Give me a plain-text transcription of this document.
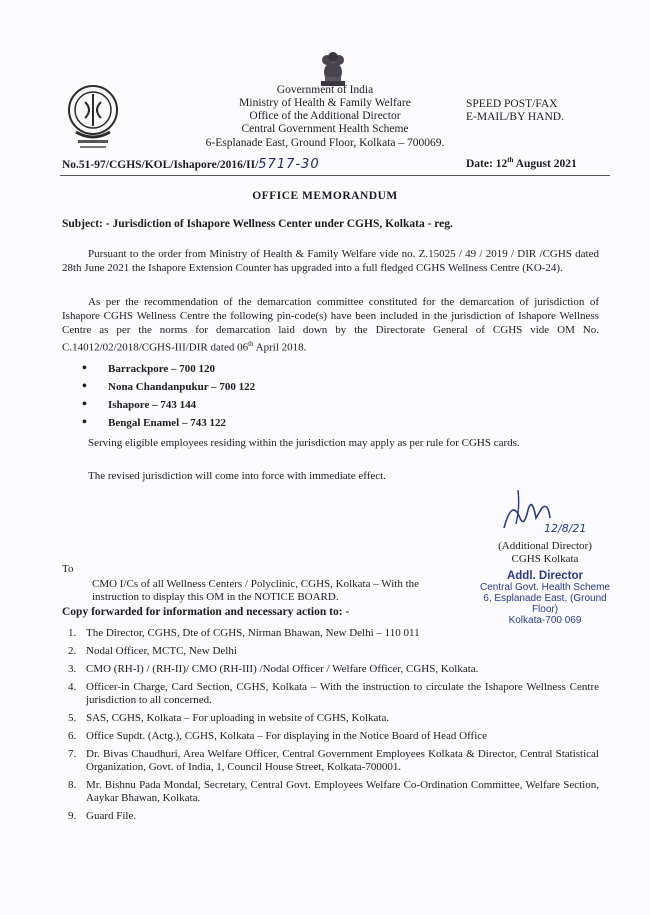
Government of India
Ministry of Health & Family Welfare
Office of the Additional Director
Central Government Health Scheme
6-Esplanade East, Ground Floor, Kolkata – 700069.
SPEED POST/FAX
E-MAIL/BY HAND.
No.51-97/CGHS/KOL/Ishapore/2016/II/5717-30	Date: 12th August 2021
OFFICE MEMORANDUM
Subject: - Jurisdiction of Ishapore Wellness Center under CGHS, Kolkata - reg.
Pursuant to the order from Ministry of Health & Family Welfare vide no. Z.15025 / 49 / 2019 / DIR /CGHS dated 28th June 2021 the Ishapore Extension Counter has upgraded into a full fledged CGHS Wellness Centre (KO-24).
As per the recommendation of the demarcation committee constituted for the demarcation of jurisdiction of Ishapore CGHS Wellness Centre the following pin-code(s) have been included in the jurisdiction of Ishapore Wellness Centre as per the norms for demarcation laid down by the Directorate General of CGHS vide OM No. C.14012/02/2018/CGHS-III/DIR dated 06th April 2018.
• Barrackpore – 700 120
• Nona Chandanpukur – 700 122
• Ishapore – 743 144
• Bengal Enamel – 743 122
Serving eligible employees residing within the jurisdiction may apply as per rule for CGHS cards.
The revised jurisdiction will come into force with immediate effect.
12/8/21
(Additional Director)
CGHS Kolkata
Addl. Director
Central Govt. Health Scheme
6, Esplanade East, (Ground Floor)
Kolkata-700 069
To
CMO I/Cs of all Wellness Centers / Polyclinic, CGHS, Kolkata – With the instruction to display this OM in the NOTICE BOARD.
Copy forwarded for information and necessary action to: -
1. The Director, CGHS, Dte of CGHS, Nirman Bhawan, New Delhi – 110 011
2. Nodal Officer, MCTC, New Delhi
3. CMO (RH-I) / (RH-II)/ CMO (RH-III) /Nodal Officer / Welfare Officer, CGHS, Kolkata.
4. Officer-in Charge, Card Section, CGHS, Kolkata – With the instruction to circulate the Ishapore Wellness Centre jurisdiction to all concerned.
5. SAS, CGHS, Kolkata – For uploading in website of CGHS, Kolkata.
6. Office Supdt. (Actg.), CGHS, Kolkata – For displaying in the Notice Board of Head Office
7. Dr. Bivas Chaudhuri, Area Welfare Officer, Central Government Employees Kolkata & Director, Central Statistical Organization, Govt. of India, 1, Council House Street, Kolkata-700001.
8. Mr. Bishnu Pada Mondal, Secretary, Central Govt. Employees Welfare Co-Ordination Committee, Welfare Section, Aaykar Bhawan, Kolkata.
9. Guard File.
